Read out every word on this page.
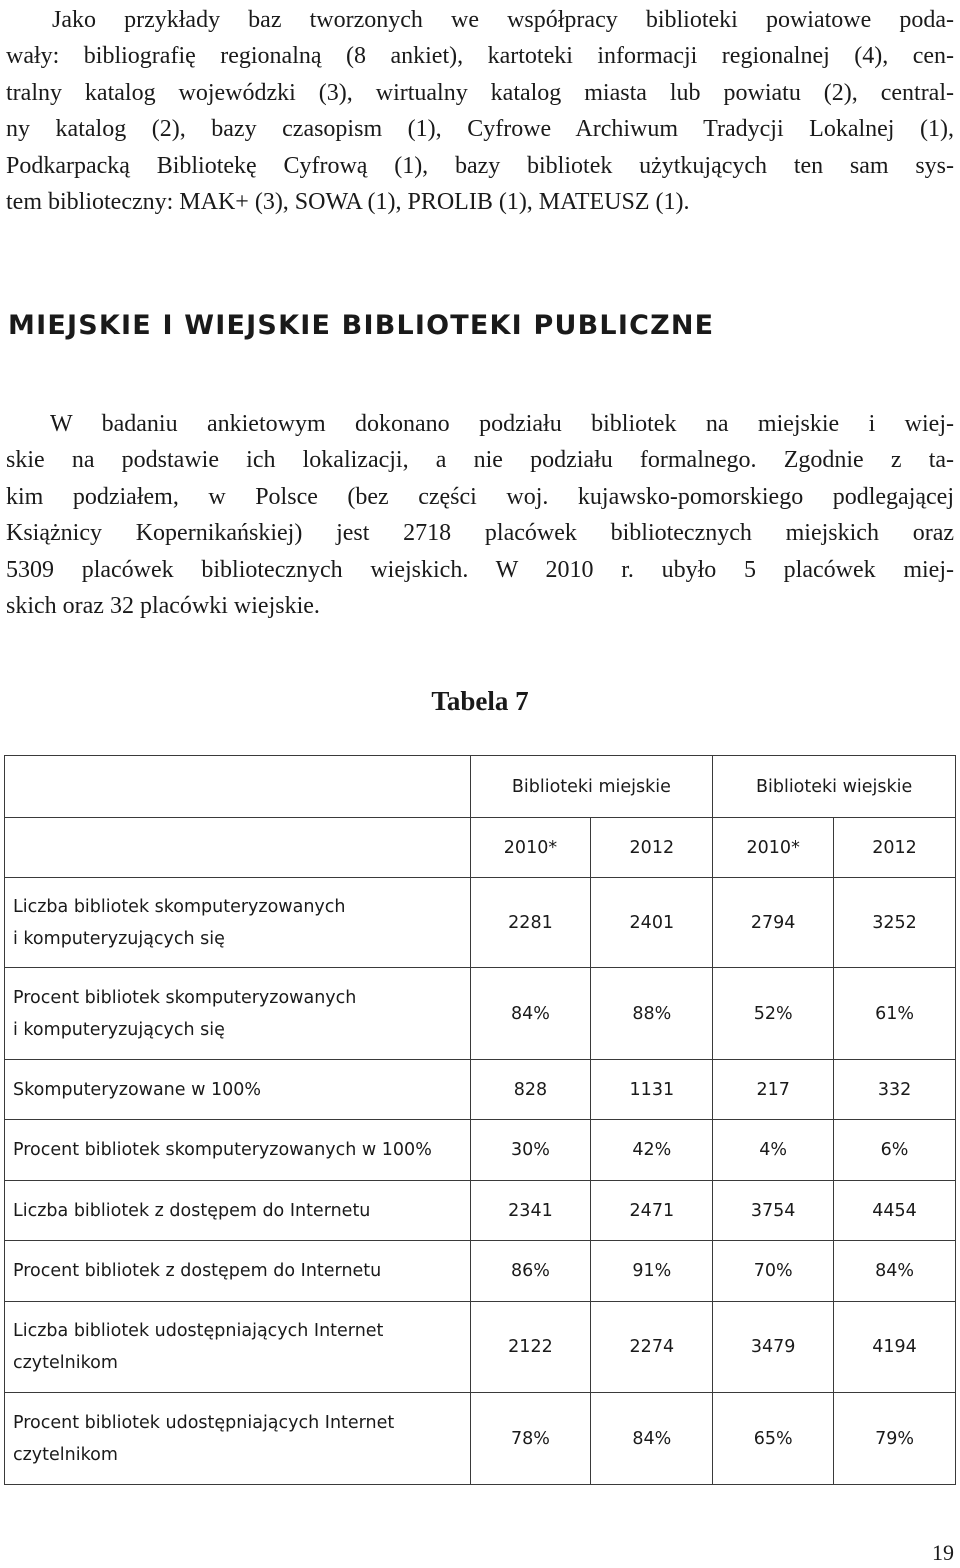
Jako przykłady baz tworzonych we współpracy biblioteki powiatowe poda-
wały: bibliografię regionalną (8 ankiet), kartoteki informacji regionalnej (4), cen-
tralny katalog wojewódzki (3), wirtualny katalog miasta lub powiatu (2), central-
ny katalog (2), bazy czasopism (1), Cyfrowe Archiwum Tradycji Lokalnej (1),
Podkarpacką Bibliotekę Cyfrową (1), bazy bibliotek użytkujących ten sam sys-
tem biblioteczny: MAK+ (3), SOWA (1), PROLIB (1), MATEUSZ (1).
MIEJSKIE I WIEJSKIE BIBLIOTEKI PUBLICZNE
W badaniu ankietowym dokonano podziału bibliotek na miejskie i wiej-
skie na podstawie ich lokalizacji, a nie podziału formalnego. Zgodnie z ta-
kim podziałem, w Polsce (bez części woj. kujawsko-pomorskiego podlegającej
Książnicy Kopernikańskiej) jest 2718 placówek bibliotecznych miejskich oraz
5309 placówek bibliotecznych wiejskich. W 2010 r. ubyło 5 placówek miej-
skich oraz 32 placówki wiejskie.
Tabela 7
	Biblioteki miejskie		Biblioteki wiejskie	
	2010*	2012	2010*	2012
Liczba bibliotek skomputeryzowanych
i komputeryzujących się	2281	2401	2794	3252
Procent bibliotek skomputeryzowanych
i komputeryzujących się	84%	88%	52%	61%
Skomputeryzowane w 100%	828	1131	217	332
Procent bibliotek skomputeryzowanych w 100%	30%	42%	4%	6%
Liczba bibliotek z dostępem do Internetu	2341	2471	3754	4454
Procent bibliotek z dostępem do Internetu	86%	91%	70%	84%
Liczba bibliotek udostępniających Internet
czytelnikom	2122	2274	3479	4194
Procent bibliotek udostępniających Internet
czytelnikom	78%	84%	65%	79%
19
